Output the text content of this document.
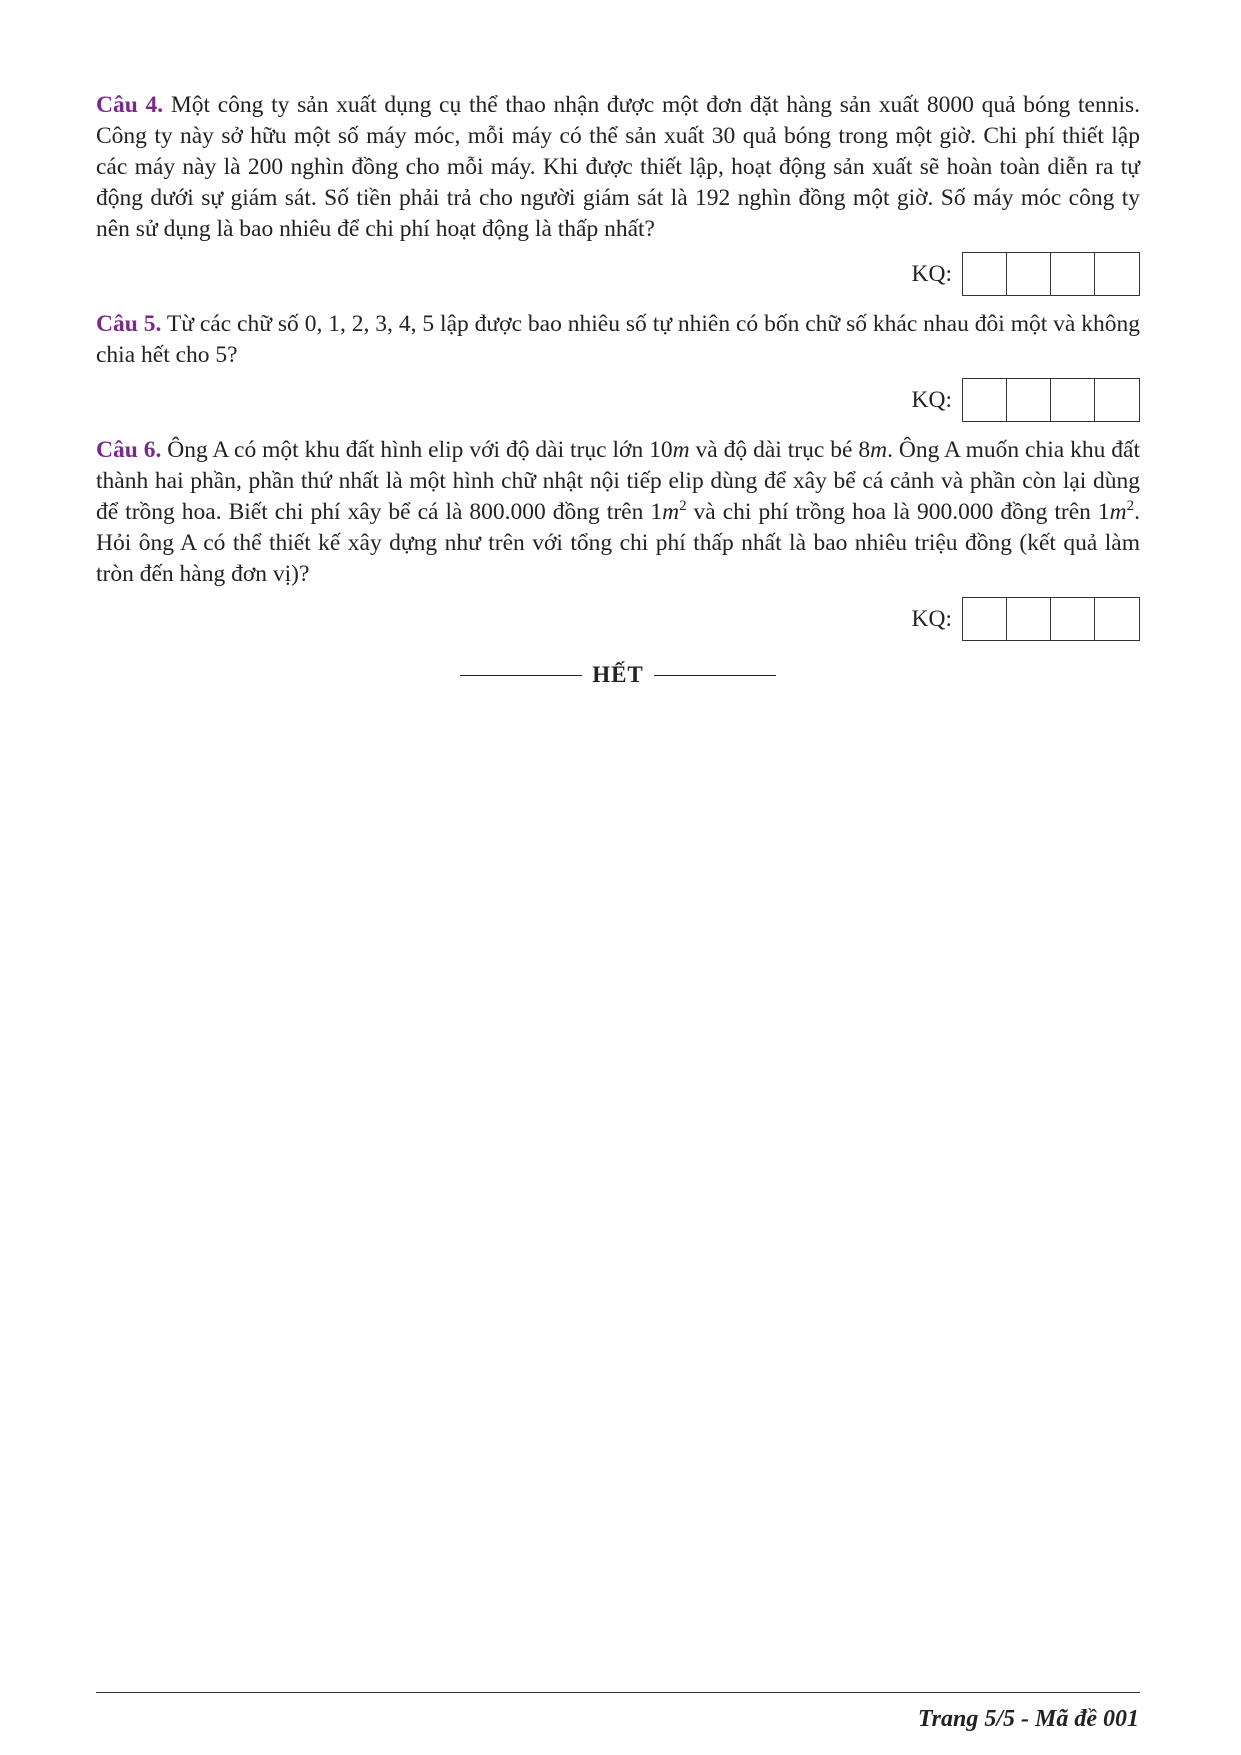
Câu 4. Một công ty sản xuất dụng cụ thể thao nhận được một đơn đặt hàng sản xuất 8000 quả bóng tennis. Công ty này sở hữu một số máy móc, mỗi máy có thể sản xuất 30 quả bóng trong một giờ. Chi phí thiết lập các máy này là 200 nghìn đồng cho mỗi máy. Khi được thiết lập, hoạt động sản xuất sẽ hoàn toàn diễn ra tự động dưới sự giám sát. Số tiền phải trả cho người giám sát là 192 nghìn đồng một giờ. Số máy móc công ty nên sử dụng là bao nhiêu để chi phí hoạt động là thấp nhất?

KQ:

Câu 5. Từ các chữ số 0, 1, 2, 3, 4, 5 lập được bao nhiêu số tự nhiên có bốn chữ số khác nhau đôi một và không chia hết cho 5?

KQ:

Câu 6. Ông A có một khu đất hình elip với độ dài trục lớn 10m và độ dài trục bé 8m. Ông A muốn chia khu đất thành hai phần, phần thứ nhất là một hình chữ nhật nội tiếp elip dùng để xây bể cá cảnh và phần còn lại dùng để trồng hoa. Biết chi phí xây bể cá là 800.000 đồng trên $1m^2$ và chi phí trồng hoa là 900.000 đồng trên $1m^2$. Hỏi ông A có thể thiết kế xây dựng như trên với tổng chi phí thấp nhất là bao nhiêu triệu đồng (kết quả làm tròn đến hàng đơn vị)?

KQ:
HẾT
Trang 5/5 - Mã đề 001
